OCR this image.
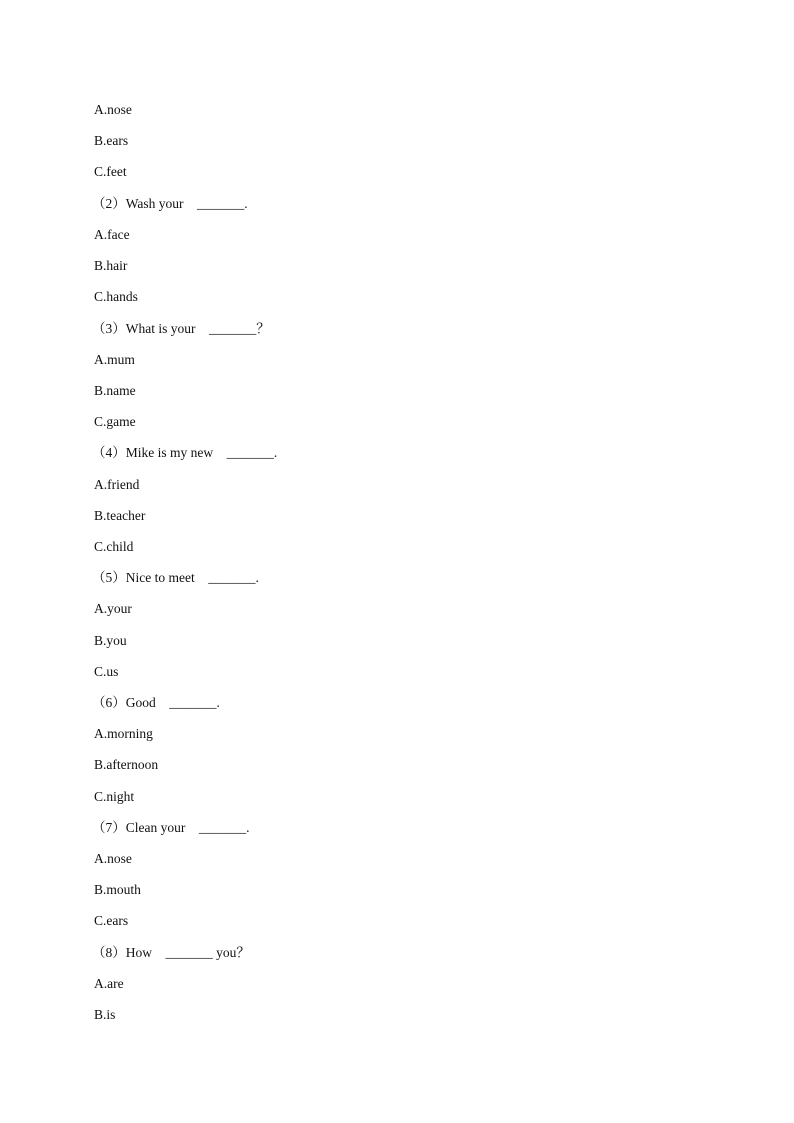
A.nose
B.ears
C.feet
（2）Wash your    _______.
A.face
B.hair
C.hands
（3）What is your    _______？
A.mum
B.name
C.game
（4）Mike is my new    _______.
A.friend
B.teacher
C.child
（5）Nice to meet    _______.
A.your
B.you
C.us
（6）Good    _______.
A.morning
B.afternoon
C.night
（7）Clean your    _______.
A.nose
B.mouth
C.ears
（8）How    _______ you？
A.are
B.is
